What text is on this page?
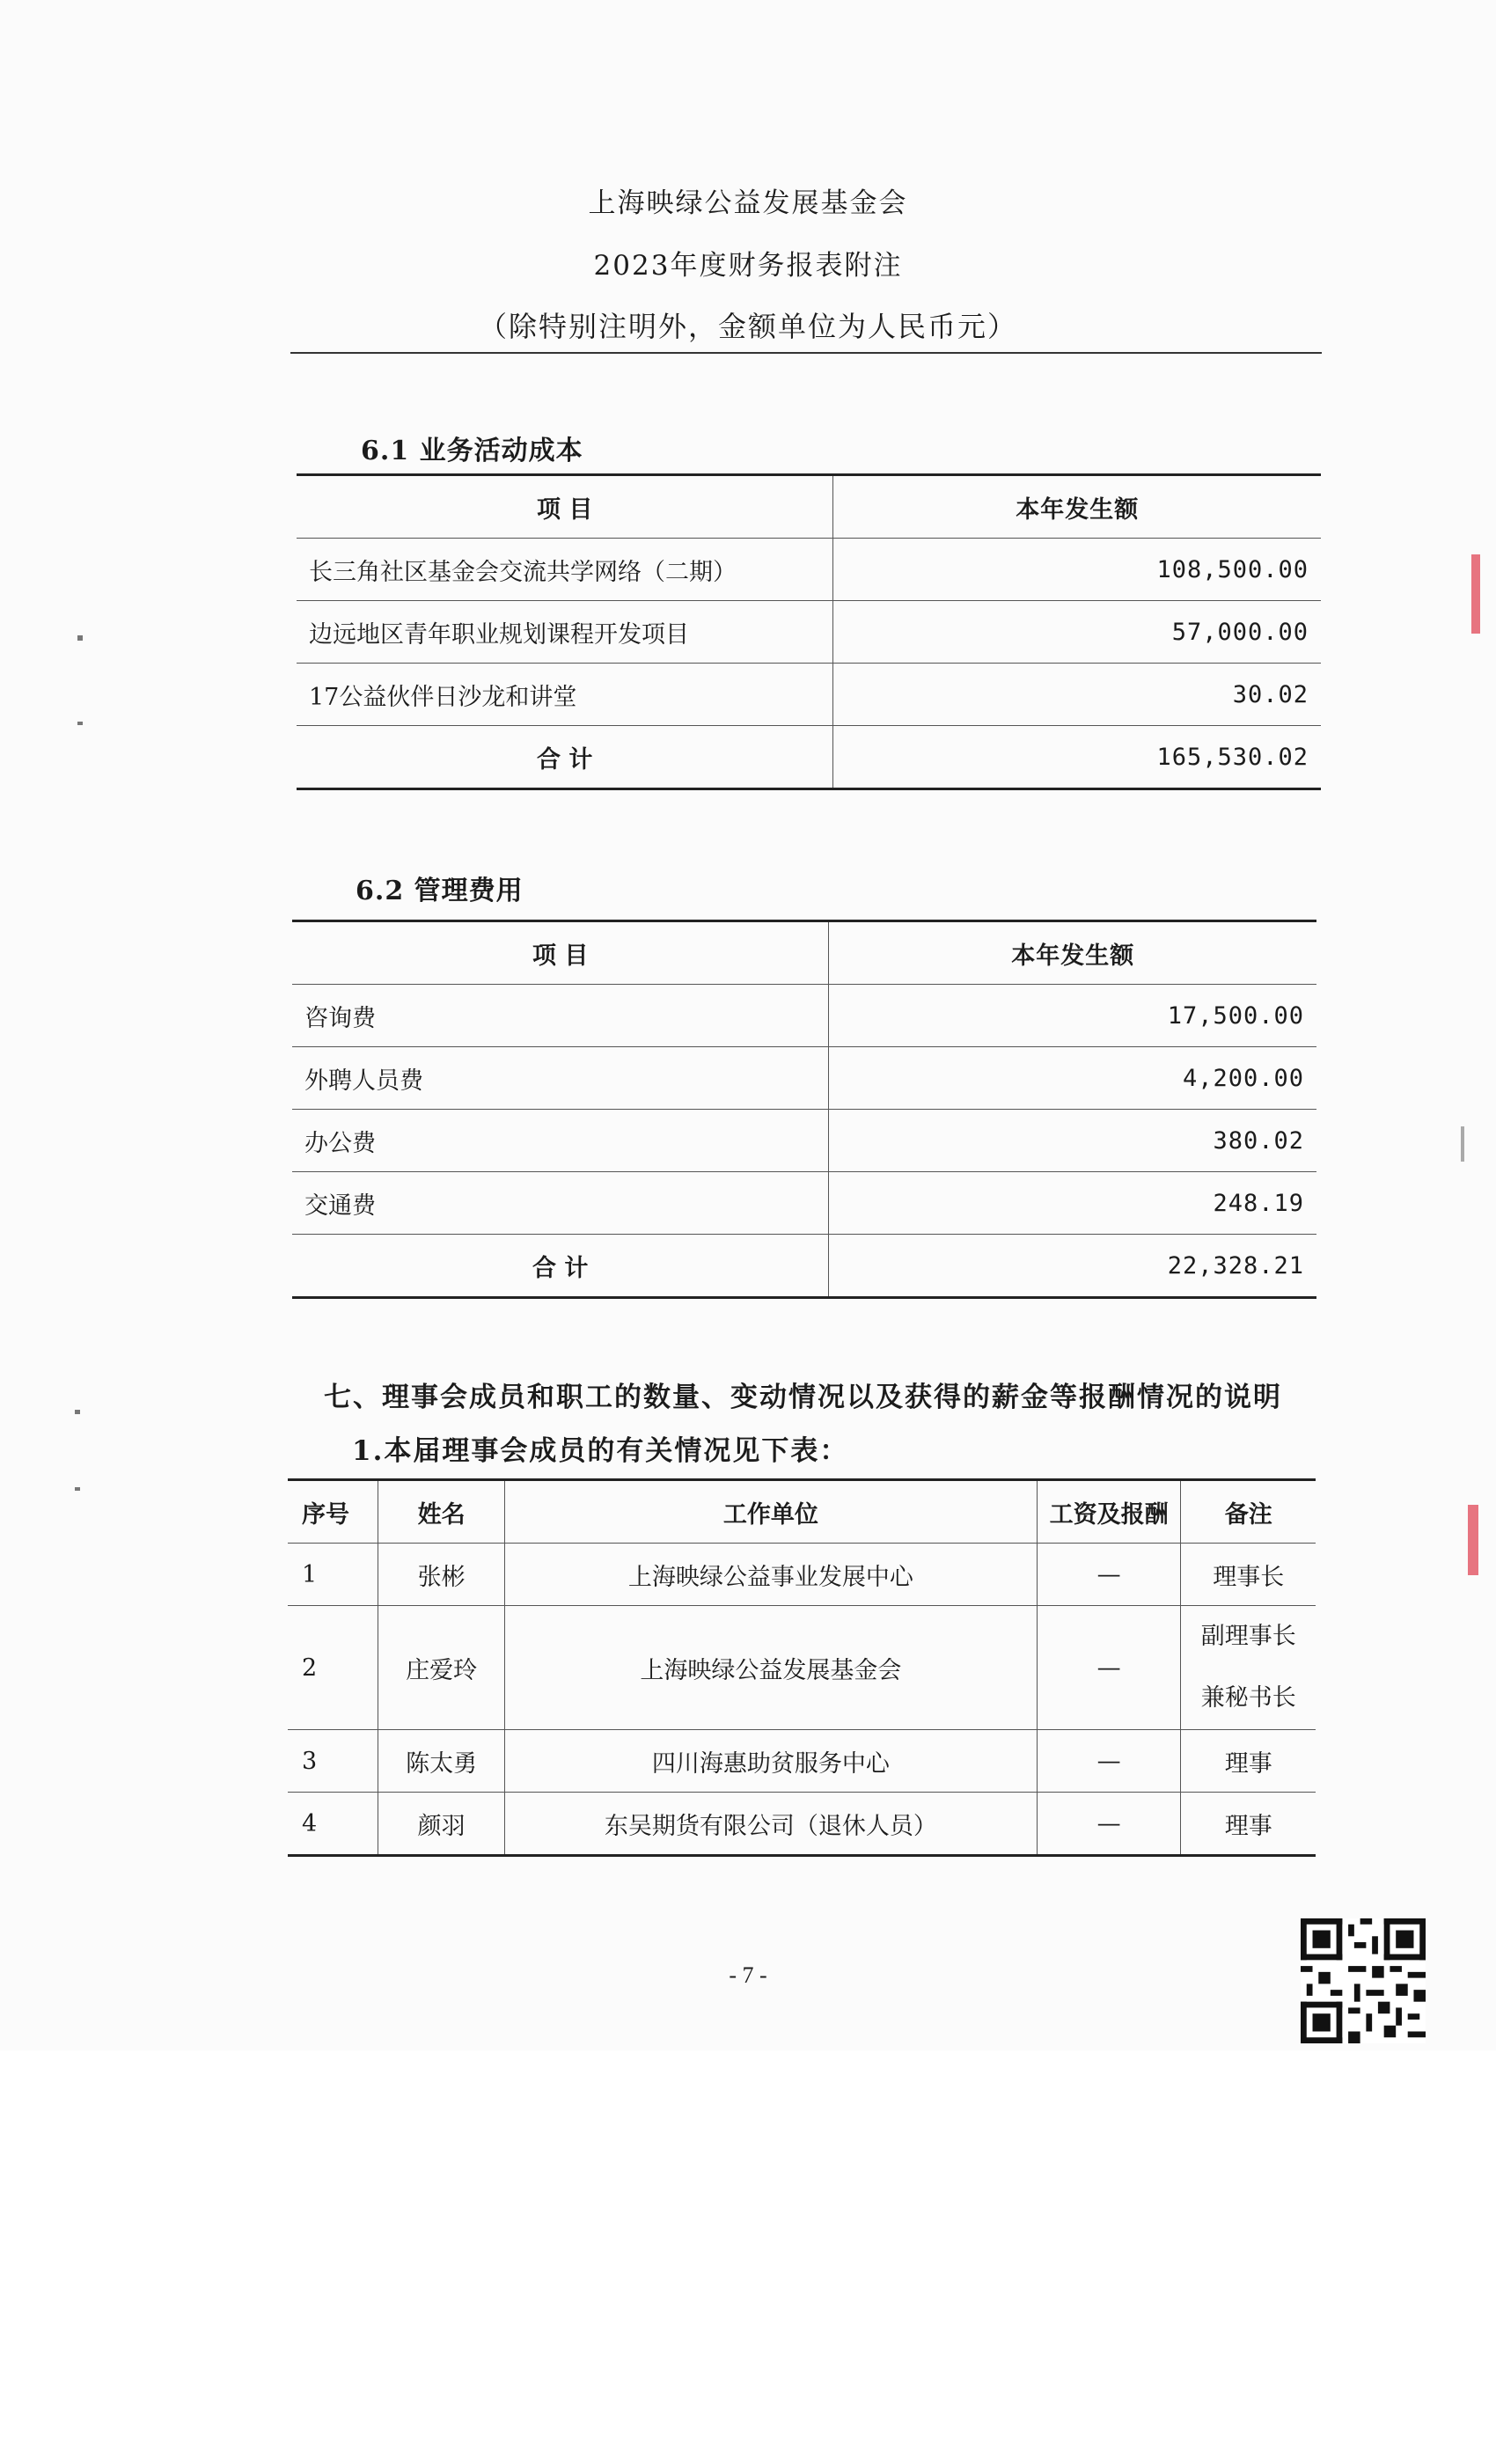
上海映绿公益发展基金会
2023年度财务报表附注
（除特别注明外，金额单位为人民币元）
6.1 业务活动成本
项 目	本年发生额
长三角社区基金会交流共学网络（二期）	108,500.00
边远地区青年职业规划课程开发项目	57,000.00
17公益伙伴日沙龙和讲堂	30.02
合 计	165,530.02
6.2 管理费用
项 目	本年发生额
咨询费	17,500.00
外聘人员费	4,200.00
办公费	380.02
交通费	248.19
合 计	22,328.21
七、理事会成员和职工的数量、变动情况以及获得的薪金等报酬情况的说明
1.本届理事会成员的有关情况见下表：
序号	姓名	工作单位	工资及报酬	备注
1	张彬	上海映绿公益事业发展中心	—	理事长
2	庄爱玲	上海映绿公益发展基金会	—	副理事长
兼秘书长

3	陈太勇	四川海惠助贫服务中心	—	理事
4	颜羽	东吴期货有限公司（退休人员）	—	理事
- 7 -
